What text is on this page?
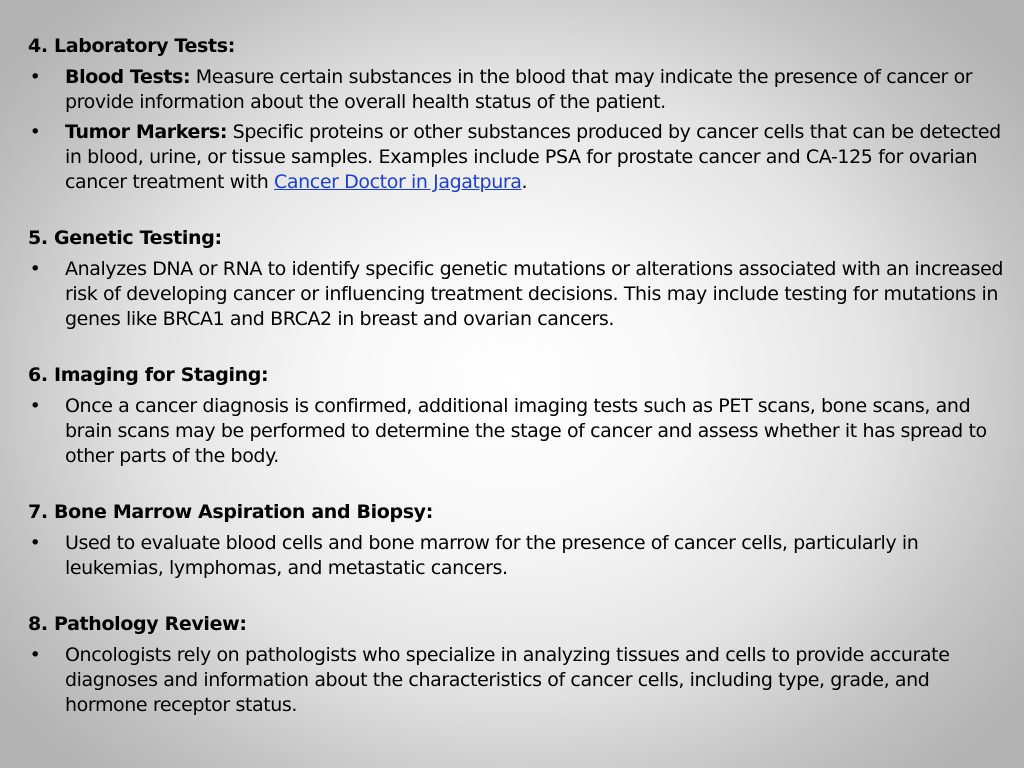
4. Laboratory Tests:
• Blood Tests: Measure certain substances in the blood that may indicate the presence of cancer or provide information about the overall health status of the patient.
• Tumor Markers: Specific proteins or other substances produced by cancer cells that can be detected in blood, urine, or tissue samples. Examples include PSA for prostate cancer and CA-125 for ovarian cancer treatment with Cancer Doctor in Jagatpura.
5. Genetic Testing:
• Analyzes DNA or RNA to identify specific genetic mutations or alterations associated with an increased risk of developing cancer or influencing treatment decisions. This may include testing for mutations in genes like BRCA1 and BRCA2 in breast and ovarian cancers.
6. Imaging for Staging:
• Once a cancer diagnosis is confirmed, additional imaging tests such as PET scans, bone scans, and brain scans may be performed to determine the stage of cancer and assess whether it has spread to other parts of the body.
7. Bone Marrow Aspiration and Biopsy:
• Used to evaluate blood cells and bone marrow for the presence of cancer cells, particularly in leukemias, lymphomas, and metastatic cancers.
8. Pathology Review:
• Oncologists rely on pathologists who specialize in analyzing tissues and cells to provide accurate diagnoses and information about the characteristics of cancer cells, including type, grade, and hormone receptor status.
